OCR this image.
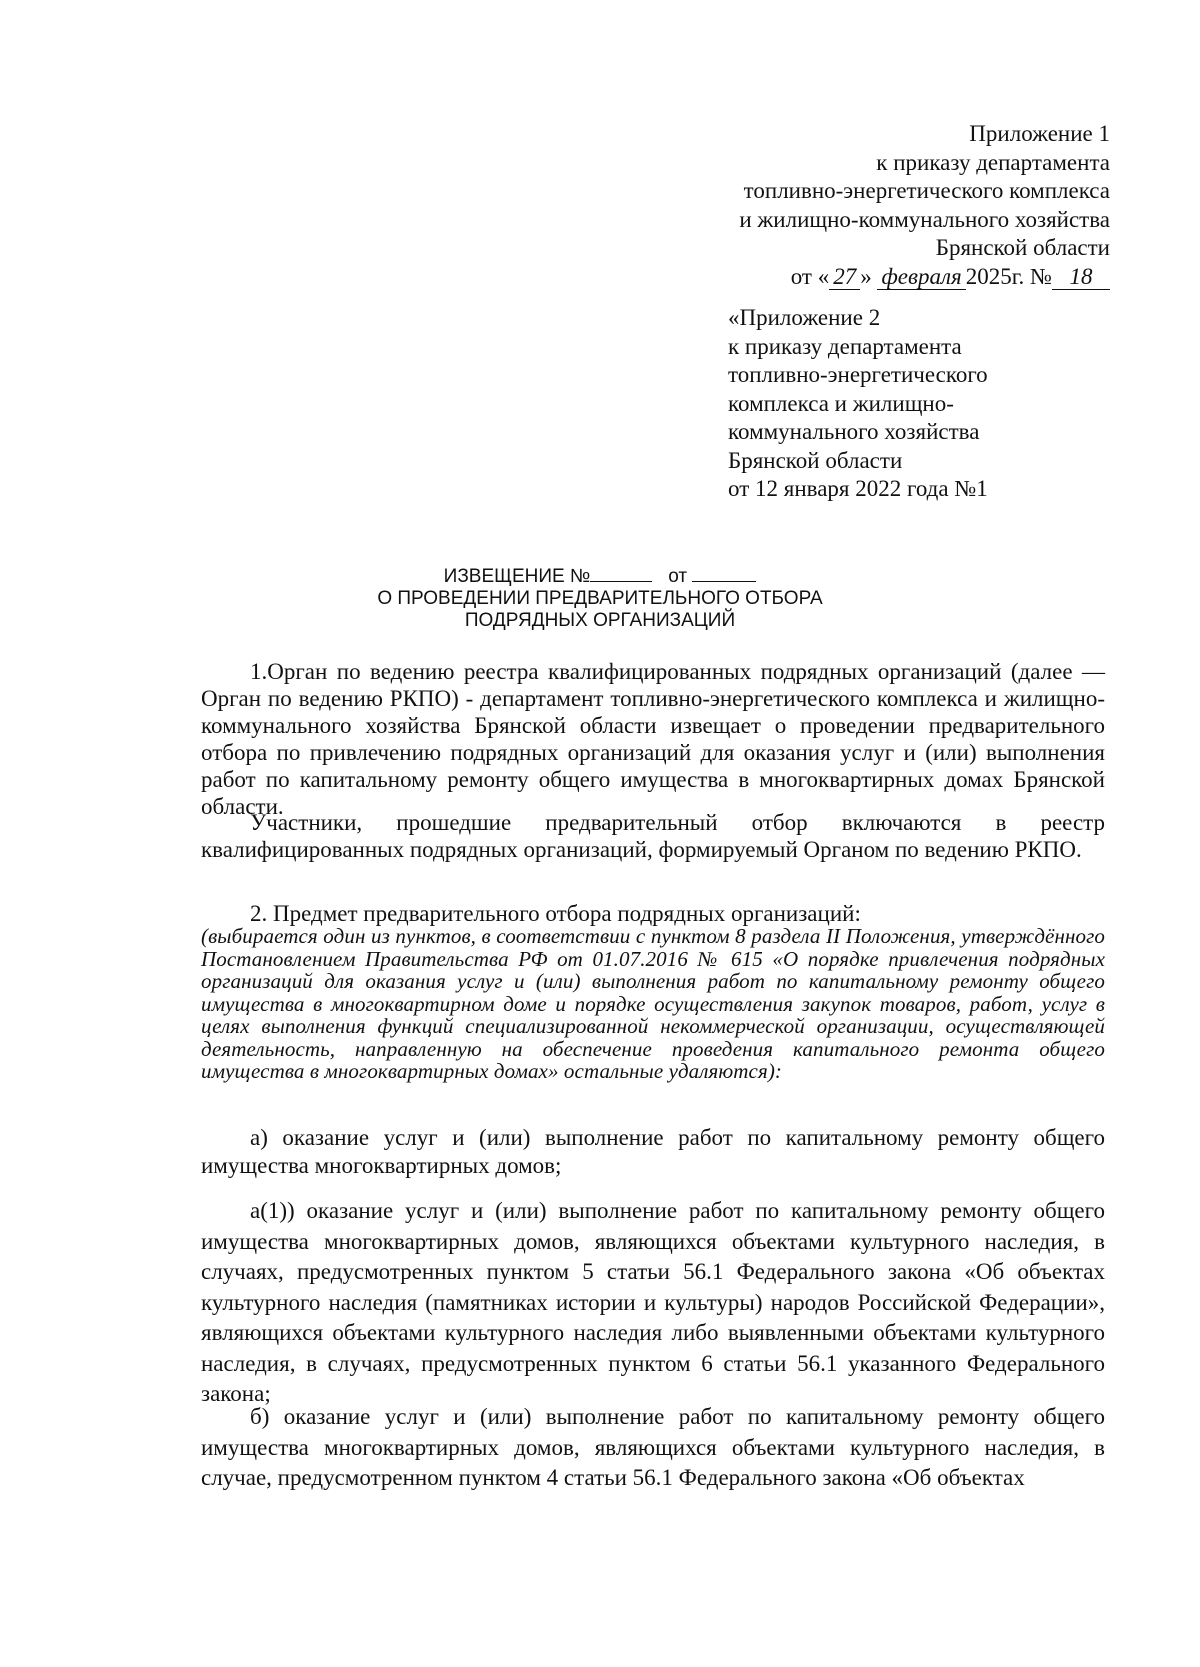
Приложение 1
к приказу департамента
топливно-энергетического комплекса
и жилищно-коммунального хозяйства
Брянской области
от « 27 » февраля 2025г. № 18
«Приложение 2
к приказу департамента
топливно-энергетического
комплекса и жилищно-
коммунального хозяйства
Брянской области
от 12 января 2022 года №1
ИЗВЕЩЕНИЕ №	от
О ПРОВЕДЕНИИ ПРЕДВАРИТЕЛЬНОГО ОТБОРА
ПОДРЯДНЫХ ОРГАНИЗАЦИЙ

1.Орган по ведению реестра квалифицированных подрядных организаций (далее — Орган по ведению РКПО) - департамент топливно-энергетического комплекса и жилищно-коммунального хозяйства Брянской области извещает о проведении предварительного отбора по привлечению подрядных организаций для оказания услуг и (или) выполнения работ по капитальному ремонту общего имущества в многоквартирных домах Брянской области.

Участники, прошедшие предварительный отбор включаются в реестр квалифицированных подрядных организаций, формируемый Органом по ведению РКПО.

2. Предмет предварительного отбора подрядных организаций:

(выбирается один из пунктов, в соответствии с пунктом 8 раздела II Положения, утверждённого Постановлением Правительства РФ от 01.07.2016 № 615 «О порядке привлечения подрядных организаций для оказания услуг и (или) выполнения работ по капитальному ремонту общего имущества в многоквартирном доме и порядке осуществления закупок товаров, работ, услуг в целях выполнения функций специализированной некоммерческой организации, осуществляющей деятельность, направленную на обеспечение проведения капитального ремонта общего имущества в многоквартирных домах» остальные удаляются):

а) оказание услуг и (или) выполнение работ по капитальному ремонту общего имущества многоквартирных домов;

а(1)) оказание услуг и (или) выполнение работ по капитальному ремонту общего имущества многоквартирных домов, являющихся объектами культурного наследия, в случаях, предусмотренных пунктом 5 статьи 56.1 Федерального закона «Об объектах культурного наследия (памятниках истории и культуры) народов Российской Федерации», являющихся объектами культурного наследия либо выявленными объектами культурного наследия, в случаях, предусмотренных пунктом 6 статьи 56.1 указанного Федерального закона;

б) оказание услуг и (или) выполнение работ по капитальному ремонту общего имущества многоквартирных домов, являющихся объектами культурного наследия, в случае, предусмотренном пунктом 4 статьи 56.1 Федерального закона «Об объектах
